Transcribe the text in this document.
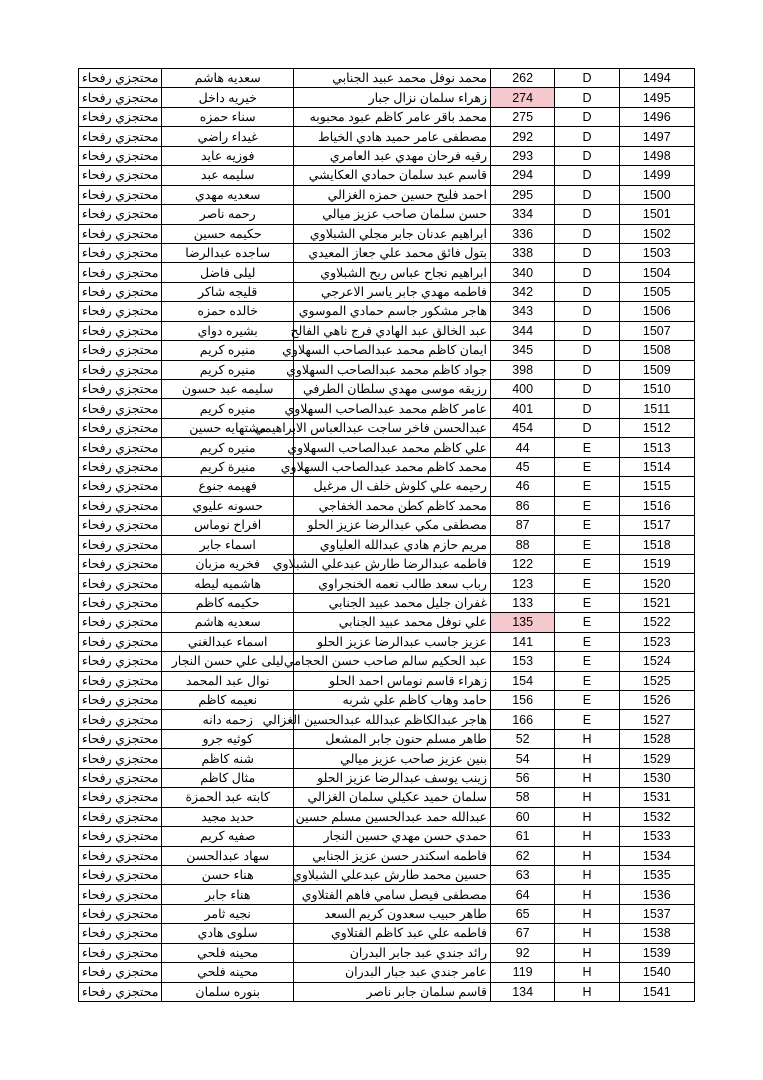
محتجزي رفحاء	سعديه هاشم	محمد نوفل محمد عبيد الجنابي	262	D	1494
محتجزي رفحاء	خيريه داخل	زهراء سلمان نزال جبار	274	D	1495
محتجزي رفحاء	سناء حمزه	محمد باقر عامر كاظم عبود محبوبه	275	D	1496
محتجزي رفحاء	غيداء راضي	مصطفى عامر حميد هادي الخياط	292	D	1497
محتجزي رفحاء	فوزيه عايد	رقيه فرحان مهدي عبد العامري	293	D	1498
محتجزي رفحاء	سليمه عبد	قاسم عبد سلمان حمادي العكايشي	294	D	1499
محتجزي رفحاء	سعديه مهدي	احمد فليح حسين حمزه الغزالي	295	D	1500
محتجزي رفحاء	رحمه ناصر	حسن سلمان صاحب عزيز ميالي	334	D	1501
محتجزي رفحاء	حكيمه حسين	ابراهيم عدنان جابر مجلي الشبلاوي	336	D	1502
محتجزي رفحاء	ساجده عبدالرضا	بتول فائق محمد علي جعاز المعيدي	338	D	1503
محتجزي رفحاء	ليلى فاضل	ابراهيم نجاح عباس ربح الشبلاوي	340	D	1504
محتجزي رفحاء	قليجه شاكر	فاطمه مهدي جابر ياسر الاعرجي	342	D	1505
محتجزي رفحاء	خالده حمزه	هاجر مشكور جاسم حمادي الموسوي	343	D	1506
محتجزي رفحاء	بشيره دواي	عبد الخالق عبد الهادي فرج ناهي الفالح	344	D	1507
محتجزي رفحاء	منيره كريم	ايمان كاظم محمد عبدالصاحب السهلاوي	345	D	1508
محتجزي رفحاء	منيره كريم	جواد كاظم محمد عبدالصاحب السهلاوي	398	D	1509
محتجزي رفحاء	سليمه عبد حسون	رزيقه موسى مهدي سلطان الطرفي	400	D	1510
محتجزي رفحاء	منيره كريم	عامر كاظم محمد عبدالصاحب السهلاوي	401	D	1511
محتجزي رفحاء	مشتهايه حسين	عبدالحسن فاخر ساجت عبدالعباس الابراهيمي	454	D	1512
محتجزي رفحاء	منيره كريم	علي كاظم محمد عبدالصاحب السهلاوي	44	E	1513
محتجزي رفحاء	منيرة كريم	محمد كاظم محمد عبدالصاحب السهلاوي	45	E	1514
محتجزي رفحاء	فهيمه جنوع	رحيمه علي كلوش خلف ال مرغيل	46	E	1515
محتجزي رفحاء	حسونه عليوي	محمد كاظم كطن محمد الخفاجي	86	E	1516
محتجزي رفحاء	افراح نوماس	مصطفى مكي عبدالرضا عزيز الحلو	87	E	1517
محتجزي رفحاء	اسماء جابر	مريم حازم هادي عبدالله العلياوي	88	E	1518
محتجزي رفحاء	فخريه مزبان	فاطمه عبدالرضا طارش عبدعلي الشبلاوي	122	E	1519
محتجزي رفحاء	هاشميه ليطه	رباب سعد طالب نعمه الخنجراوي	123	E	1520
محتجزي رفحاء	حكيمه كاظم	غفران جليل محمد عبيد الجنابي	133	E	1521
محتجزي رفحاء	سعديه هاشم	علي نوفل محمد عبيد الجنابي	135	E	1522
محتجزي رفحاء	اسماء عبدالغني	عزيز جاسب عبدالرضا عزيز الحلو	141	E	1523
محتجزي رفحاء	ليلى علي حسن النجار	عبد الحكيم سالم صاحب حسن الحجامي	153	E	1524
محتجزي رفحاء	نوال عبد المحمد	زهراء قاسم نوماس احمد الحلو	154	E	1525
محتجزي رفحاء	نعيمه كاظم	حامد وهاب كاظم علي شربه	156	E	1526
محتجزي رفحاء	زحمه دانه	هاجر عبدالكاظم عبدالله عبدالحسين الغزالي	166	E	1527
محتجزي رفحاء	كوثيه جرو	طاهر مسلم حنون جابر المشعل	52	H	1528
محتجزي رفحاء	شنه كاظم	بنين عزيز صاحب عزيز ميالي	54	H	1529
محتجزي رفحاء	مثال كاظم	زينب يوسف عبدالرضا عزيز الحلو	56	H	1530
محتجزي رفحاء	كابته عبد الحمزة	سلمان حميد عكيلي سلمان الغزالي	58	H	1531
محتجزي رفحاء	حديد مجيد	عبدالله حمد عبدالحسين مسلم حسين	60	H	1532
محتجزي رفحاء	صفيه كريم	حمدي حسن مهدي حسين النجار	61	H	1533
محتجزي رفحاء	سهاد عبدالحسن	فاطمه اسكندر حسن عزيز الجنابي	62	H	1534
محتجزي رفحاء	هناء حسن	حسين محمد طارش عبدعلي الشبلاوي	63	H	1535
محتجزي رفحاء	هناء جابر	مصطفى فيصل سامي فاهم الفتلاوي	64	H	1536
محتجزي رفحاء	نجيه ثامر	طاهر حبيب سعدون كريم السعد	65	H	1537
محتجزي رفحاء	سلوى هادي	فاطمه علي عبد كاظم الفتلاوي	67	H	1538
محتجزي رفحاء	محينه فلحي	رائد جندي عبد جابر البدران	92	H	1539
محتجزي رفحاء	محينه فلحي	عامر جندي عبد جبار البدران	119	H	1540
محتجزي رفحاء	بنوره سلمان	قاسم سلمان جابر ناصر	134	H	1541
